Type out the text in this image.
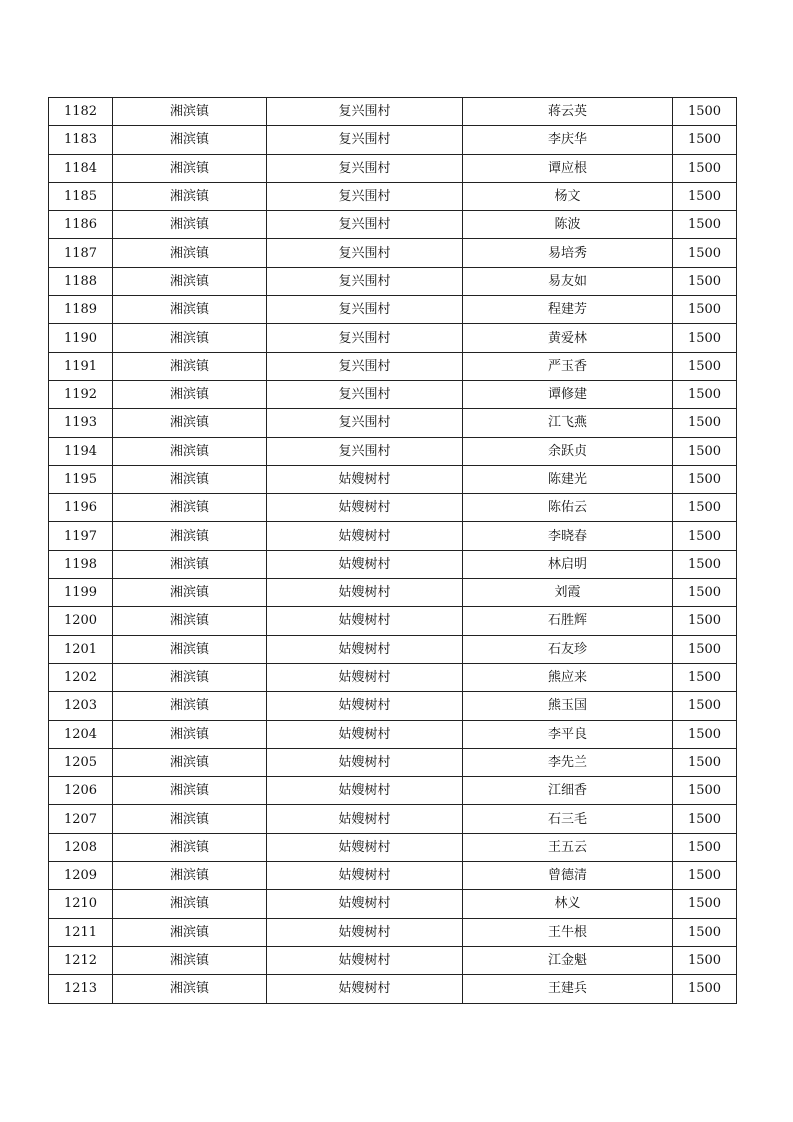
1182	湘滨镇	复兴围村	蒋云英	1500
1183	湘滨镇	复兴围村	李庆华	1500
1184	湘滨镇	复兴围村	谭应根	1500
1185	湘滨镇	复兴围村	杨文	1500
1186	湘滨镇	复兴围村	陈波	1500
1187	湘滨镇	复兴围村	易培秀	1500
1188	湘滨镇	复兴围村	易友如	1500
1189	湘滨镇	复兴围村	程建芳	1500
1190	湘滨镇	复兴围村	黄爱林	1500
1191	湘滨镇	复兴围村	严玉香	1500
1192	湘滨镇	复兴围村	谭修建	1500
1193	湘滨镇	复兴围村	江飞燕	1500
1194	湘滨镇	复兴围村	余跃贞	1500
1195	湘滨镇	姑嫂树村	陈建光	1500
1196	湘滨镇	姑嫂树村	陈佑云	1500
1197	湘滨镇	姑嫂树村	李晓春	1500
1198	湘滨镇	姑嫂树村	林启明	1500
1199	湘滨镇	姑嫂树村	刘霞	1500
1200	湘滨镇	姑嫂树村	石胜辉	1500
1201	湘滨镇	姑嫂树村	石友珍	1500
1202	湘滨镇	姑嫂树村	熊应来	1500
1203	湘滨镇	姑嫂树村	熊玉国	1500
1204	湘滨镇	姑嫂树村	李平良	1500
1205	湘滨镇	姑嫂树村	李先兰	1500
1206	湘滨镇	姑嫂树村	江细香	1500
1207	湘滨镇	姑嫂树村	石三毛	1500
1208	湘滨镇	姑嫂树村	王五云	1500
1209	湘滨镇	姑嫂树村	曾德清	1500
1210	湘滨镇	姑嫂树村	林义	1500
1211	湘滨镇	姑嫂树村	王牛根	1500
1212	湘滨镇	姑嫂树村	江金魁	1500
1213	湘滨镇	姑嫂树村	王建兵	1500
